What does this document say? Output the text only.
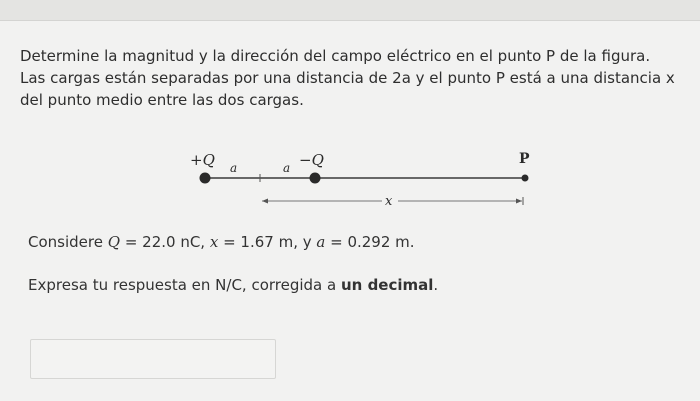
Determine la magnitud y la dirección del campo eléctrico en el punto P de la figura.

Las cargas están separadas por una distancia de 2a y el punto P está a una distancia x

del punto medio entre las dos cargas.

+Q a	a −Q	P
x

Considere Q = 22.0 nC, x = 1.67 m, y a = 0.292 m.

Expresa tu respuesta en N/C, corregida a un decimal.
